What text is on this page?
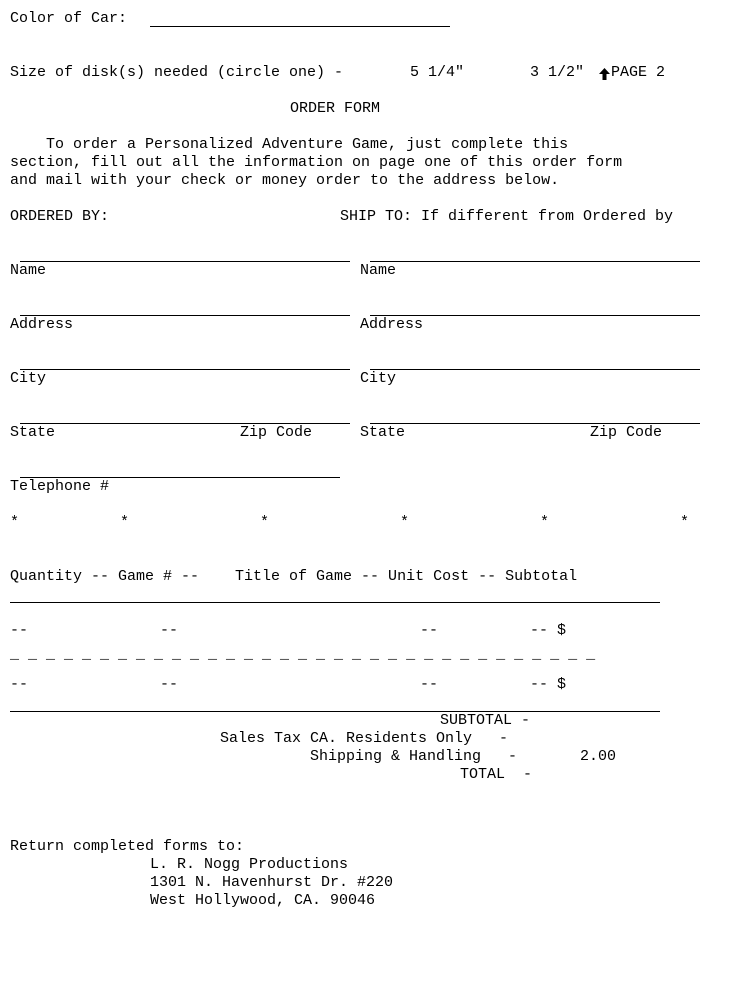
Color of Car:
Size of disk(s) needed (circle one) -	5 1/4"	3 1/2" PAGE 2
ORDER FORM
To order a Personalized Adventure Game, just complete this
section, fill out all the information on page one of this order form
and mail with your check or money order to the address below.
ORDERED BY:	SHIP TO: If different from Ordered by
Name	Name
Address	Address
City	City
State	Zip Code	State	Zip Code
Telephone #
*	*	*	*	*	*
Quantity -- Game # --    Title of Game -- Unit Cost -- Subtotal
--	--	--	-- $
_ _ _ _ _ _ _ _ _ _ _ _ _ _ _ _ _ _ _ _ _ _ _ _ _ _ _ _ _ _ _ _ _
--	--	--	-- $
SUBTOTAL -
Sales Tax CA. Residents Only   -
Shipping & Handling   -	2.00
TOTAL  -
Return completed forms to:
L. R. Nogg Productions
1301 N. Havenhurst Dr. #220
West Hollywood, CA. 90046
